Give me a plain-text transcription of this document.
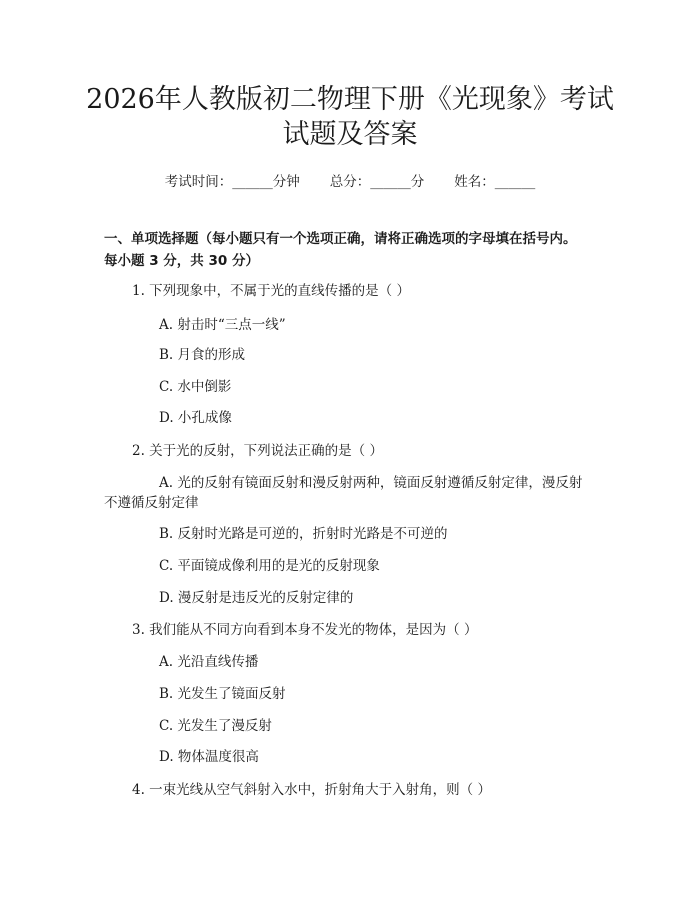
2026年人教版初二物理下册《光现象》考试
试题及答案
考试时间：______分钟 总分：______分 姓名：______
一、单项选择题（每小题只有一个选项正确，请将正确选项的字母填在括号内。
每小题 3 分，共 30 分）
1. 下列现象中，不属于光的直线传播的是（ ）
A. 射击时“三点一线”
B. 月食的形成
C. 水中倒影
D. 小孔成像
2. 关于光的反射，下列说法正确的是（ ）
A. 光的反射有镜面反射和漫反射两种，镜面反射遵循反射定律，漫反射
不遵循反射定律
B. 反射时光路是可逆的，折射时光路是不可逆的
C. 平面镜成像利用的是光的反射现象
D. 漫反射是违反光的反射定律的
3. 我们能从不同方向看到本身不发光的物体，是因为（ ）
A. 光沿直线传播
B. 光发生了镜面反射
C. 光发生了漫反射
D. 物体温度很高
4. 一束光线从空气斜射入水中，折射角大于入射角，则（ ）
